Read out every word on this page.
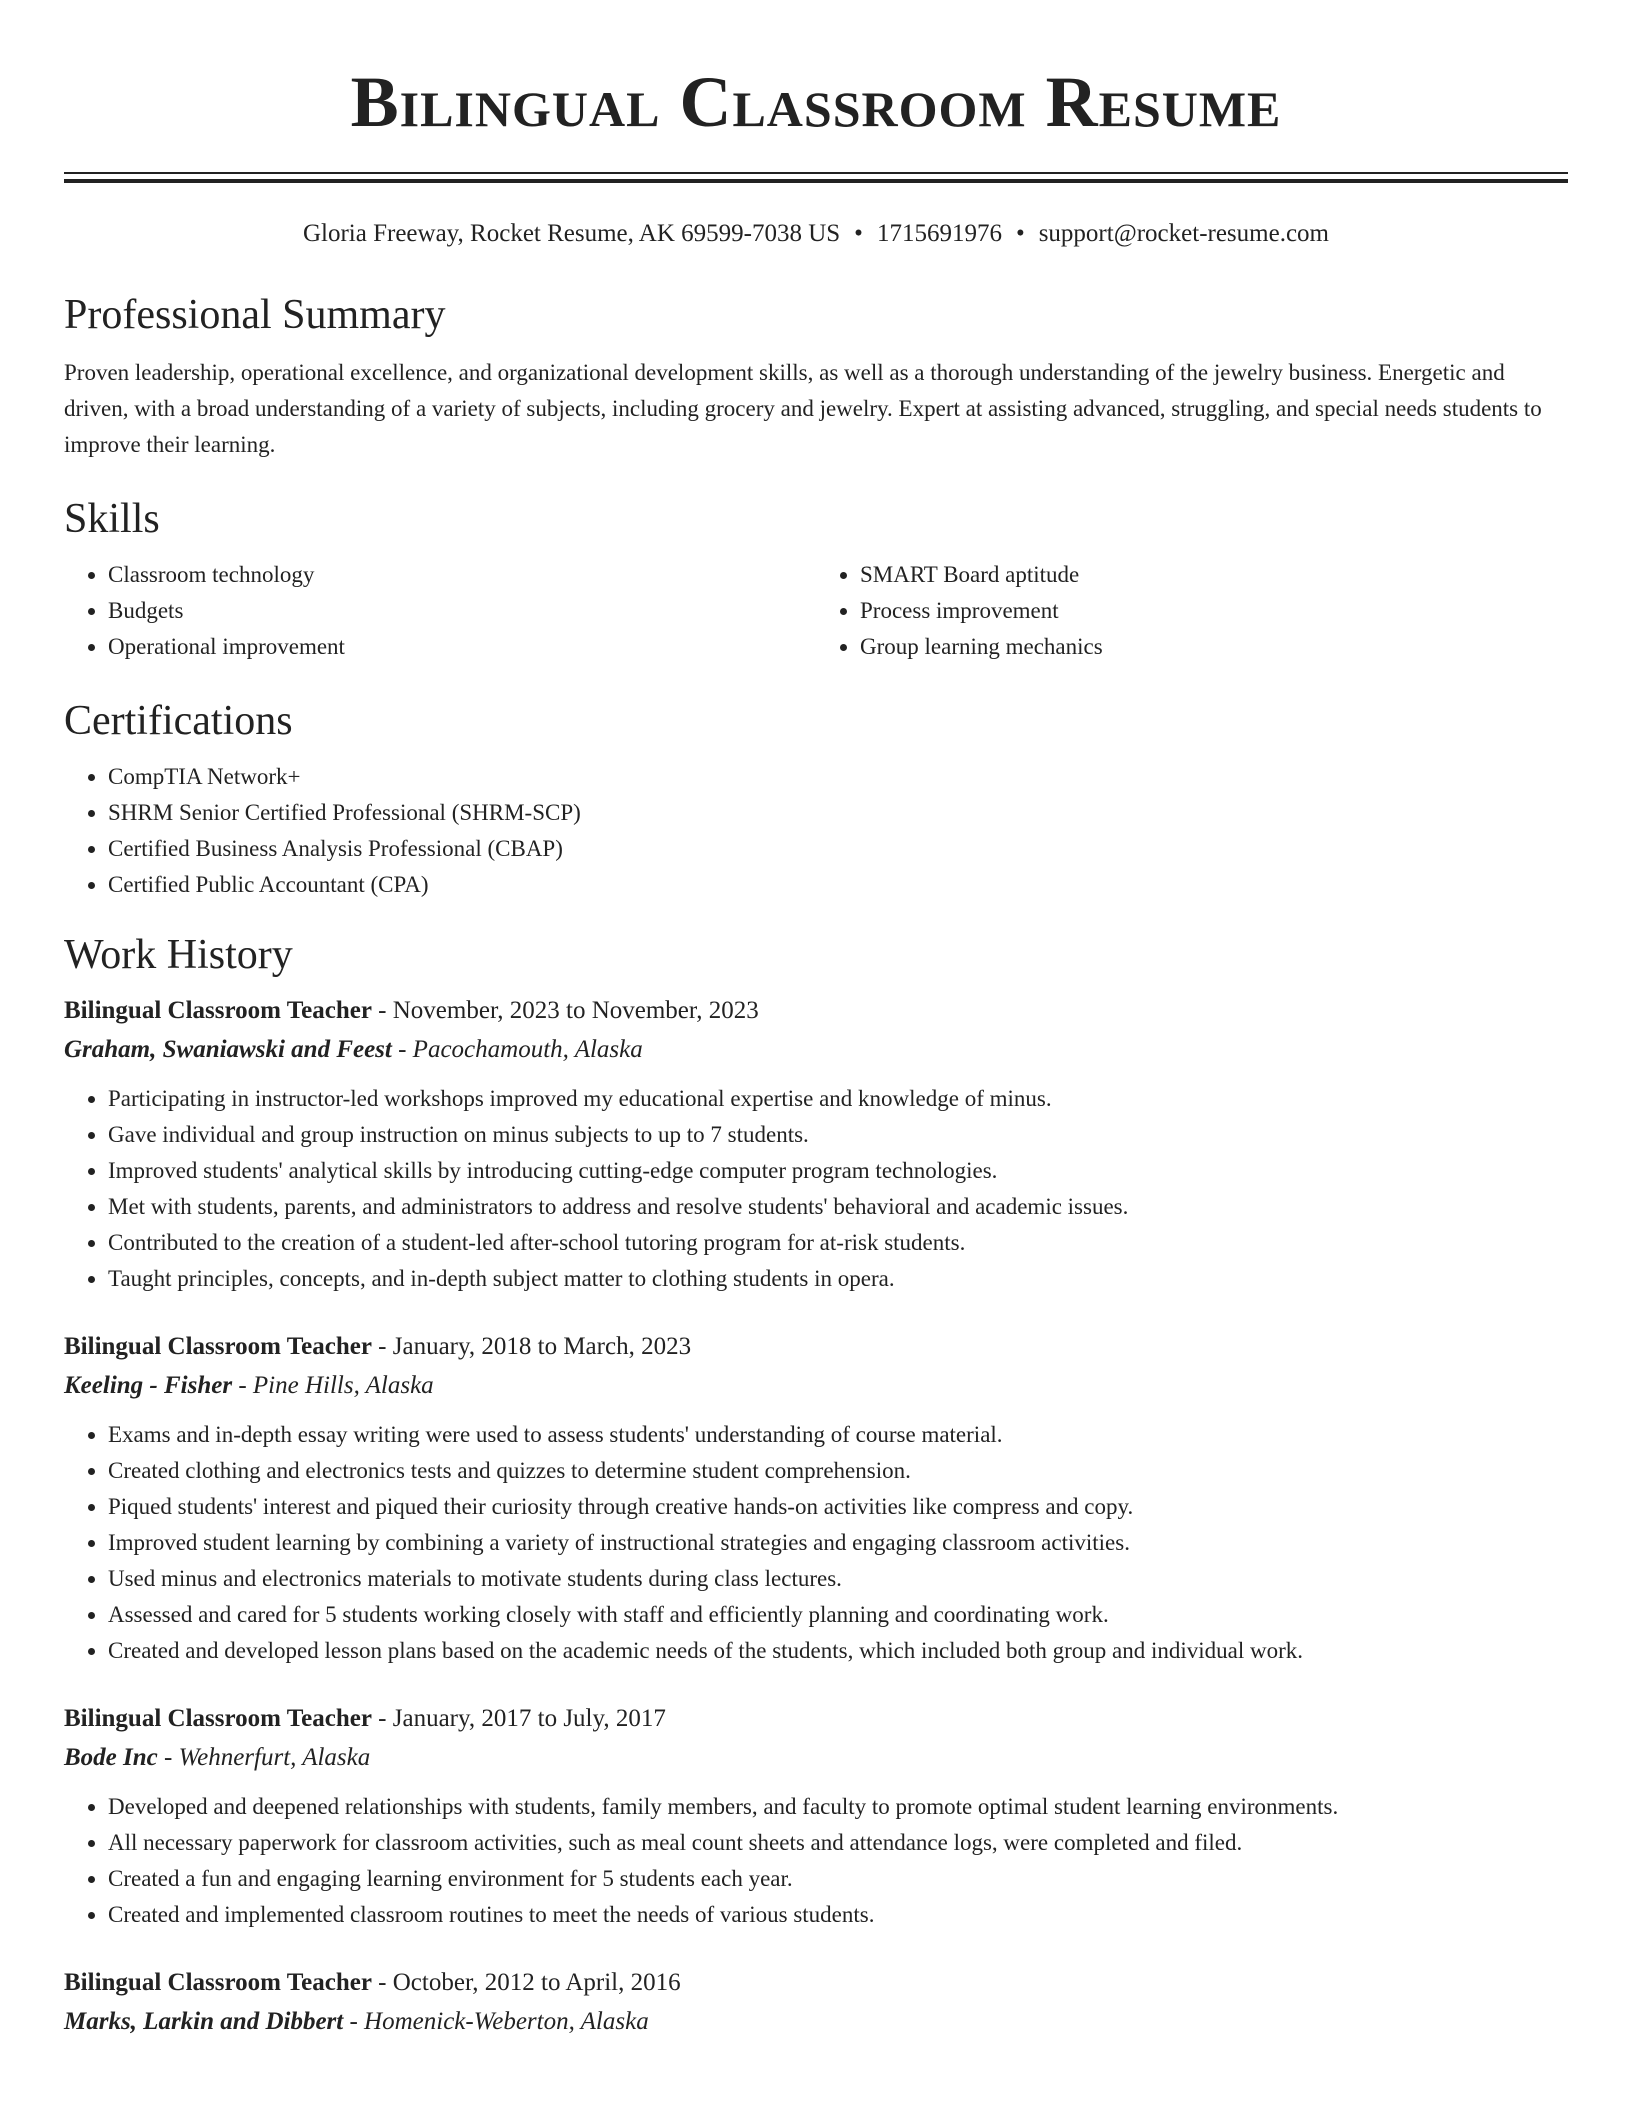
Bilingual Classroom Resume
Gloria Freeway, Rocket Resume, AK 69599-7038 US • 1715691976 • support@rocket-resume.com
Professional Summary

Proven leadership, operational excellence, and organizational development skills, as well as a thorough understanding of the jewelry business. Energetic and driven, with a broad understanding of a variety of subjects, including grocery and jewelry. Expert at assisting advanced, struggling, and special needs students to improve their learning.

Skills
• Classroom technology
• Budgets
• Operational improvement
• SMART Board aptitude
• Process improvement
• Group learning mechanics
Certifications
• CompTIA Network+
• SHRM Senior Certified Professional (SHRM-SCP)
• Certified Business Analysis Professional (CBAP)
• Certified Public Accountant (CPA)
Work History

Bilingual Classroom Teacher - November, 2023 to November, 2023

Graham, Swaniawski and Feest - Pacochamouth, Alaska

• Participating in instructor-led workshops improved my educational expertise and knowledge of minus.
• Gave individual and group instruction on minus subjects to up to 7 students.
• Improved students' analytical skills by introducing cutting-edge computer program technologies.
• Met with students, parents, and administrators to address and resolve students' behavioral and academic issues.
• Contributed to the creation of a student-led after-school tutoring program for at-risk students.
• Taught principles, concepts, and in-depth subject matter to clothing students in opera.

Bilingual Classroom Teacher - January, 2018 to March, 2023

Keeling - Fisher - Pine Hills, Alaska

• Exams and in-depth essay writing were used to assess students' understanding of course material.
• Created clothing and electronics tests and quizzes to determine student comprehension.
• Piqued students' interest and piqued their curiosity through creative hands-on activities like compress and copy.
• Improved student learning by combining a variety of instructional strategies and engaging classroom activities.
• Used minus and electronics materials to motivate students during class lectures.
• Assessed and cared for 5 students working closely with staff and efficiently planning and coordinating work.
• Created and developed lesson plans based on the academic needs of the students, which included both group and individual work.

Bilingual Classroom Teacher - January, 2017 to July, 2017

Bode Inc - Wehnerfurt, Alaska

• Developed and deepened relationships with students, family members, and faculty to promote optimal student learning environments.
• All necessary paperwork for classroom activities, such as meal count sheets and attendance logs, were completed and filed.
• Created a fun and engaging learning environment for 5 students each year.
• Created and implemented classroom routines to meet the needs of various students.

Bilingual Classroom Teacher - October, 2012 to April, 2016

Marks, Larkin and Dibbert - Homenick-Weberton, Alaska
